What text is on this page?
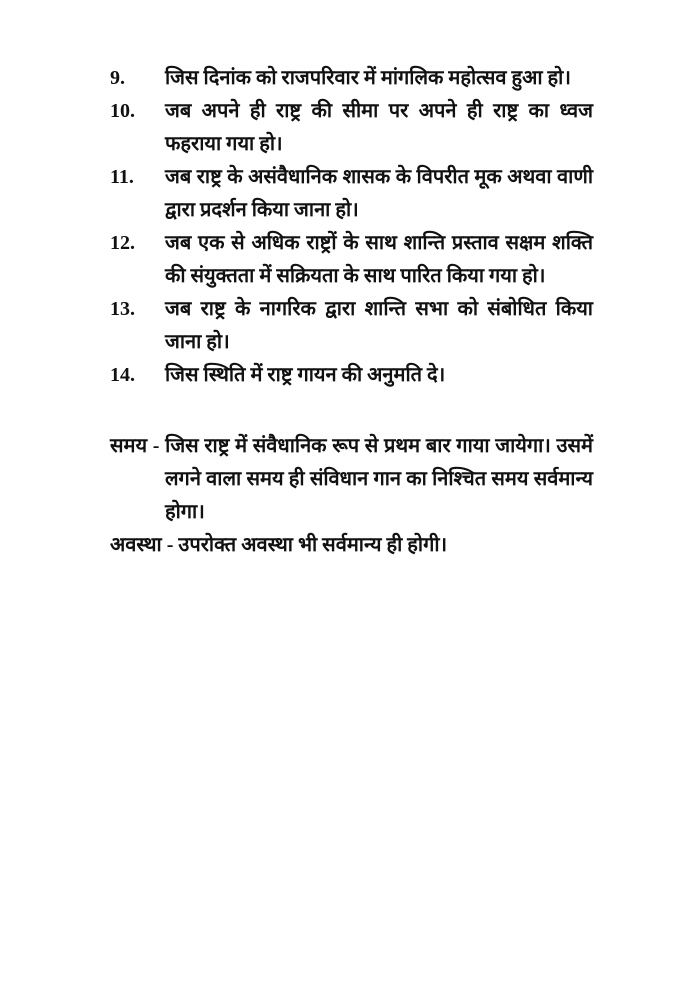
9.	जिस दिनांक को राजपरिवार में मांगलिक महोत्सव हुआ हो।
10.	जब अपने ही राष्ट्र की सीमा पर अपने ही राष्ट्र का ध्वज फहराया गया हो।
11.	जब राष्ट्र के असंवैधानिक शासक के विपरीत मूक अथवा वाणी द्वारा प्रदर्शन किया जाना हो।
12.	जब एक से अधिक राष्ट्रों के साथ शान्ति प्रस्ताव सक्षम शक्ति की संयुक्तता में सक्रियता के साथ पारित किया गया हो।
13.	जब राष्ट्र के नागरिक द्वारा शान्ति सभा को संबोधित किया जाना हो।
14.	जिस स्थिति में राष्ट्र गायन की अनुमति दे।
समय - जिस राष्ट्र में संवैधानिक रूप से प्रथम बार गाया जायेगा। उसमें लगने वाला समय ही संविधान गान का निश्चित समय सर्वमान्य होगा।
अवस्था - उपरोक्त अवस्था भी सर्वमान्य ही होगी।
